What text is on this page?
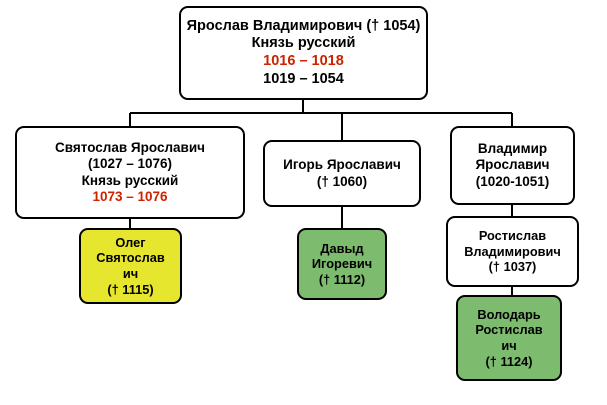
Ярослав Владимирович († 1054)
Князь русский
1016 – 1018
1019 – 1054
Святослав Ярославич
(1027 – 1076)
Князь русский
1073 – 1076
Игорь Ярославич
(† 1060)
Владимир
Ярославич
(1020-1051)
Олег
Святослав
ич
(† 1115)
Давыд
Игоревич
(† 1112)
Ростислав
Владимирович
(† 1037)
Володарь
Ростислав
ич
(† 1124)
